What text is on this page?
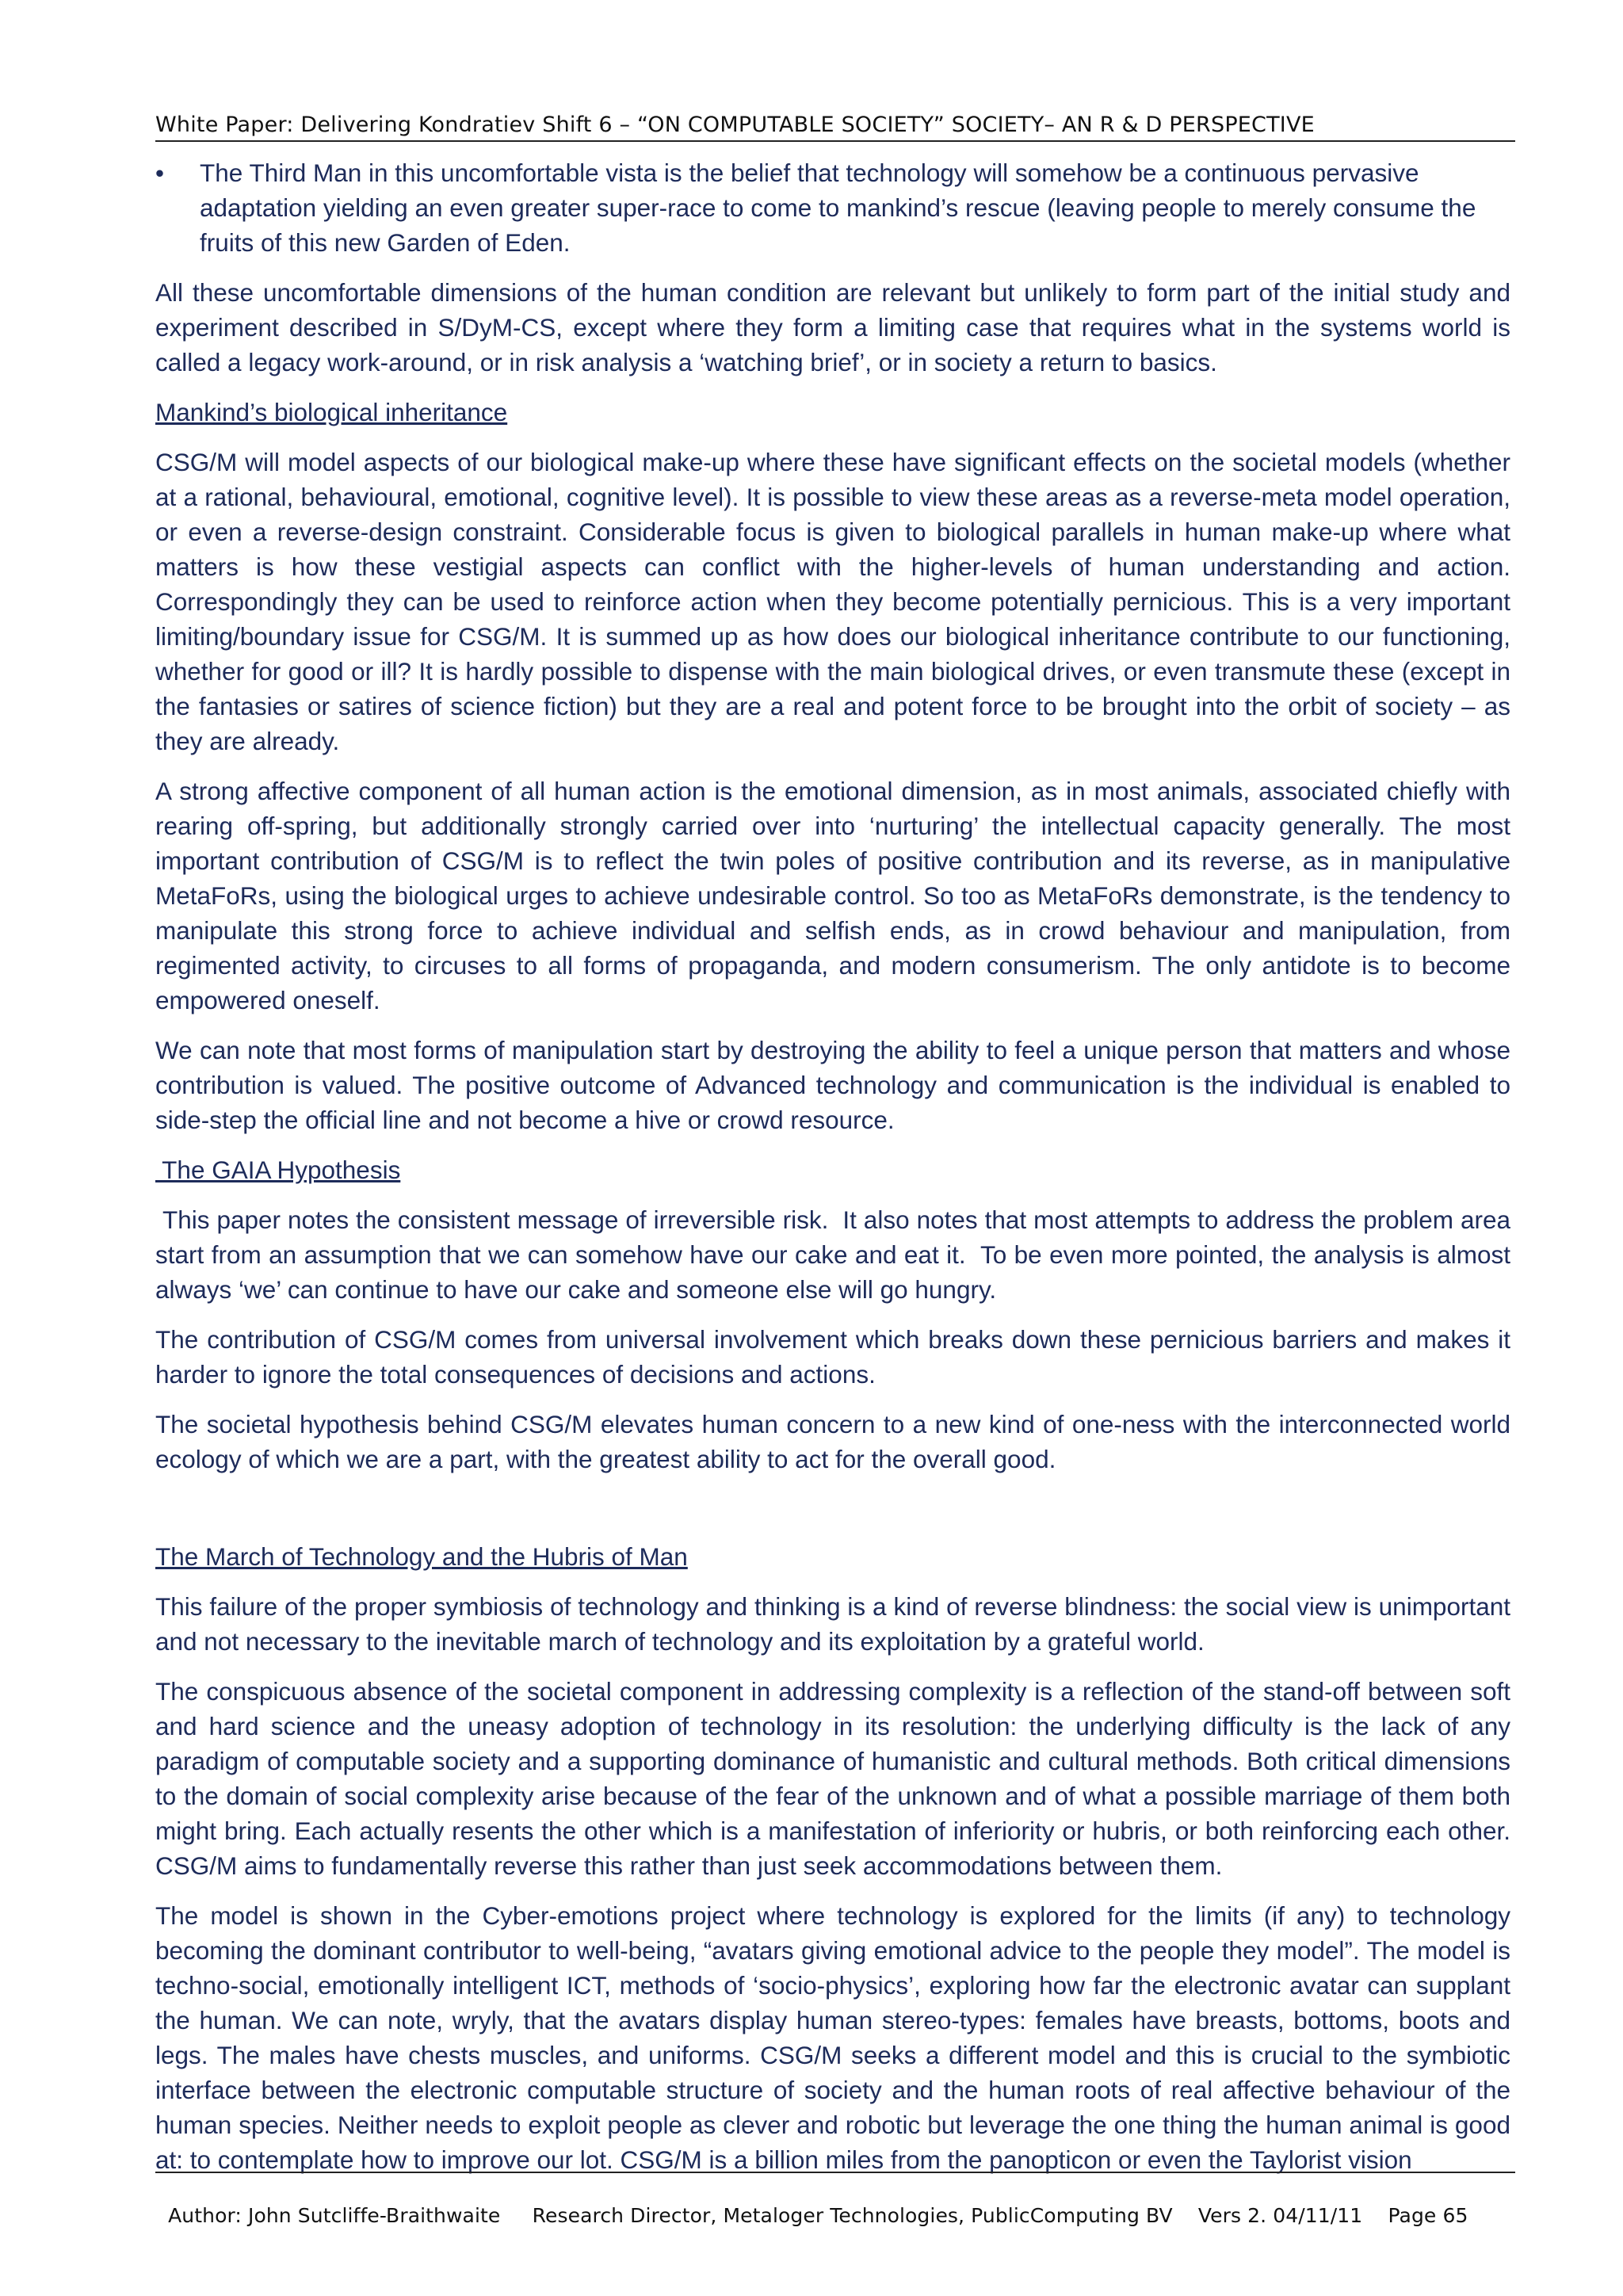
White Paper: Delivering Kondratiev Shift 6 – “ON COMPUTABLE SOCIETY” SOCIETY– AN R & D PERSPECTIVE
• The Third Man in this uncomfortable vista is the belief that technology will somehow be a continuous pervasive adaptation yielding an even greater super-race to come to mankind’s rescue (leaving people to merely consume the fruits of this new Garden of Eden.

All these uncomfortable dimensions of the human condition are relevant but unlikely to form part of the initial study and experiment described in S/DyM-CS, except where they form a limiting case that requires what in the systems world is called a legacy work-around, or in risk analysis a ‘watching brief’, or in society a return to basics.

Mankind’s biological inheritance

CSG/M will model aspects of our biological make-up where these have significant effects on the societal models (whether at a rational, behavioural, emotional, cognitive level). It is possible to view these areas as a reverse-meta model operation, or even a reverse-design constraint. Considerable focus is given to biological parallels in human make-up where what matters is how these vestigial aspects can conflict with the higher-levels of human understanding and action. Correspondingly they can be used to reinforce action when they become potentially pernicious. This is a very important limiting/boundary issue for CSG/M. It is summed up as how does our biological inheritance contribute to our functioning, whether for good or ill? It is hardly possible to dispense with the main biological drives, or even transmute these (except in the fantasies or satires of science fiction) but they are a real and potent force to be brought into the orbit of society – as they are already.

A strong affective component of all human action is the emotional dimension, as in most animals, associated chiefly with rearing off-spring, but additionally strongly carried over into ‘nurturing’ the intellectual capacity generally. The most important contribution of CSG/M is to reflect the twin poles of positive contribution and its reverse, as in manipulative MetaFoRs, using the biological urges to achieve undesirable control. So too as MetaFoRs demonstrate, is the tendency to manipulate this strong force to achieve individual and selfish ends, as in crowd behaviour and manipulation, from regimented activity, to circuses to all forms of propaganda, and modern consumerism. The only antidote is to become empowered oneself.

We can note that most forms of manipulation start by destroying the ability to feel a unique person that matters and whose contribution is valued. The positive outcome of Advanced technology and communication is the individual is enabled to side-step the official line and not become a hive or crowd resource.

The GAIA Hypothesis

This paper notes the consistent message of irreversible risk.  It also notes that most attempts to address the problem area start from an assumption that we can somehow have our cake and eat it.  To be even more pointed, the analysis is almost always ‘we’ can continue to have our cake and someone else will go hungry.

The contribution of CSG/M comes from universal involvement which breaks down these pernicious barriers and makes it harder to ignore the total consequences of decisions and actions.

The societal hypothesis behind CSG/M elevates human concern to a new kind of one-ness with the interconnected world ecology of which we are a part, with the greatest ability to act for the overall good.

The March of Technology and the Hubris of Man

This failure of the proper symbiosis of technology and thinking is a kind of reverse blindness: the social view is unimportant and not necessary to the inevitable march of technology and its exploitation by a grateful world.

The conspicuous absence of the societal component in addressing complexity is a reflection of the stand-off between soft and hard science and the uneasy adoption of technology in its resolution: the underlying difficulty is the lack of any paradigm of computable society and a supporting dominance of humanistic and cultural methods. Both critical dimensions to the domain of social complexity arise because of the fear of the unknown and of what a possible marriage of them both might bring. Each actually resents the other which is a manifestation of inferiority or hubris, or both reinforcing each other. CSG/M aims to fundamentally reverse this rather than just seek accommodations between them.

The model is shown in the Cyber-emotions project where technology is explored for the limits (if any) to technology becoming the dominant contributor to well-being, “avatars giving emotional advice to the people they model”. The model is techno-social, emotionally intelligent ICT, methods of ‘socio-physics’, exploring how far the electronic avatar can supplant the human. We can note, wryly, that the avatars display human stereo-types: females have breasts, bottoms, boots and legs. The males have chests muscles, and uniforms. CSG/M seeks a different model and this is crucial to the symbiotic interface between the electronic computable structure of society and the human roots of real affective behaviour of the human species. Neither needs to exploit people as clever and robotic but leverage the one thing the human animal is good at: to contemplate how to improve our lot. CSG/M is a billion miles from the panopticon or even the Taylorist vision

Author: John Sutcliffe-Braithwaite     Research Director, Metaloger Technologies, PublicComputing BV    Vers 2. 04/11/11    Page 65
